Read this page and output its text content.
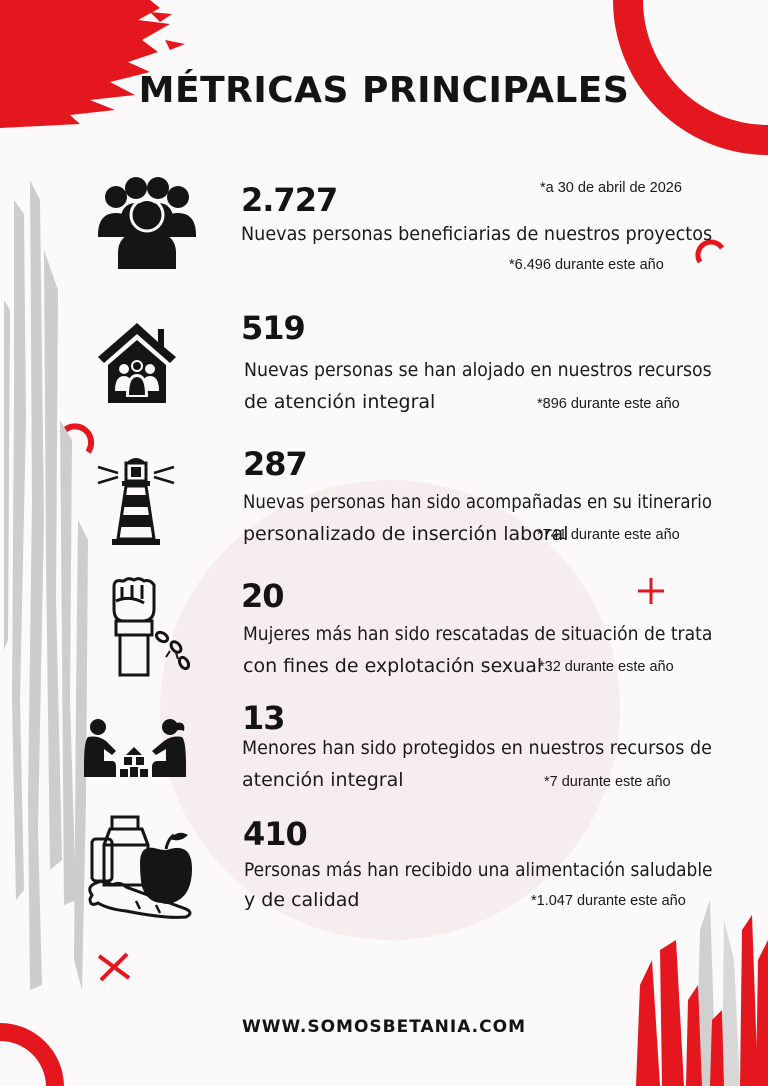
MÉTRICAS PRINCIPALES
2.727	*a 30 de abril de 2026
Nuevas personas beneficiarias de nuestros proyectos
*6.496 durante este año
519
Nuevas personas se han alojado en nuestros recursos
de atención integral	*896 durante este año
287
Nuevas personas han sido acompañadas en su itinerario
personalizado de inserción laboral
*741 durante este año
20
Mujeres más han sido rescatadas de situación de trata
con fines de explotación sexual
*32 durante este año
13
Menores han sido protegidos en nuestros recursos de
atención integral	*7 durante este año
410
Personas más han recibido una alimentación saludable
y de calidad	*1.047 durante este año
WWW.SOMOSBETANIA.COM
